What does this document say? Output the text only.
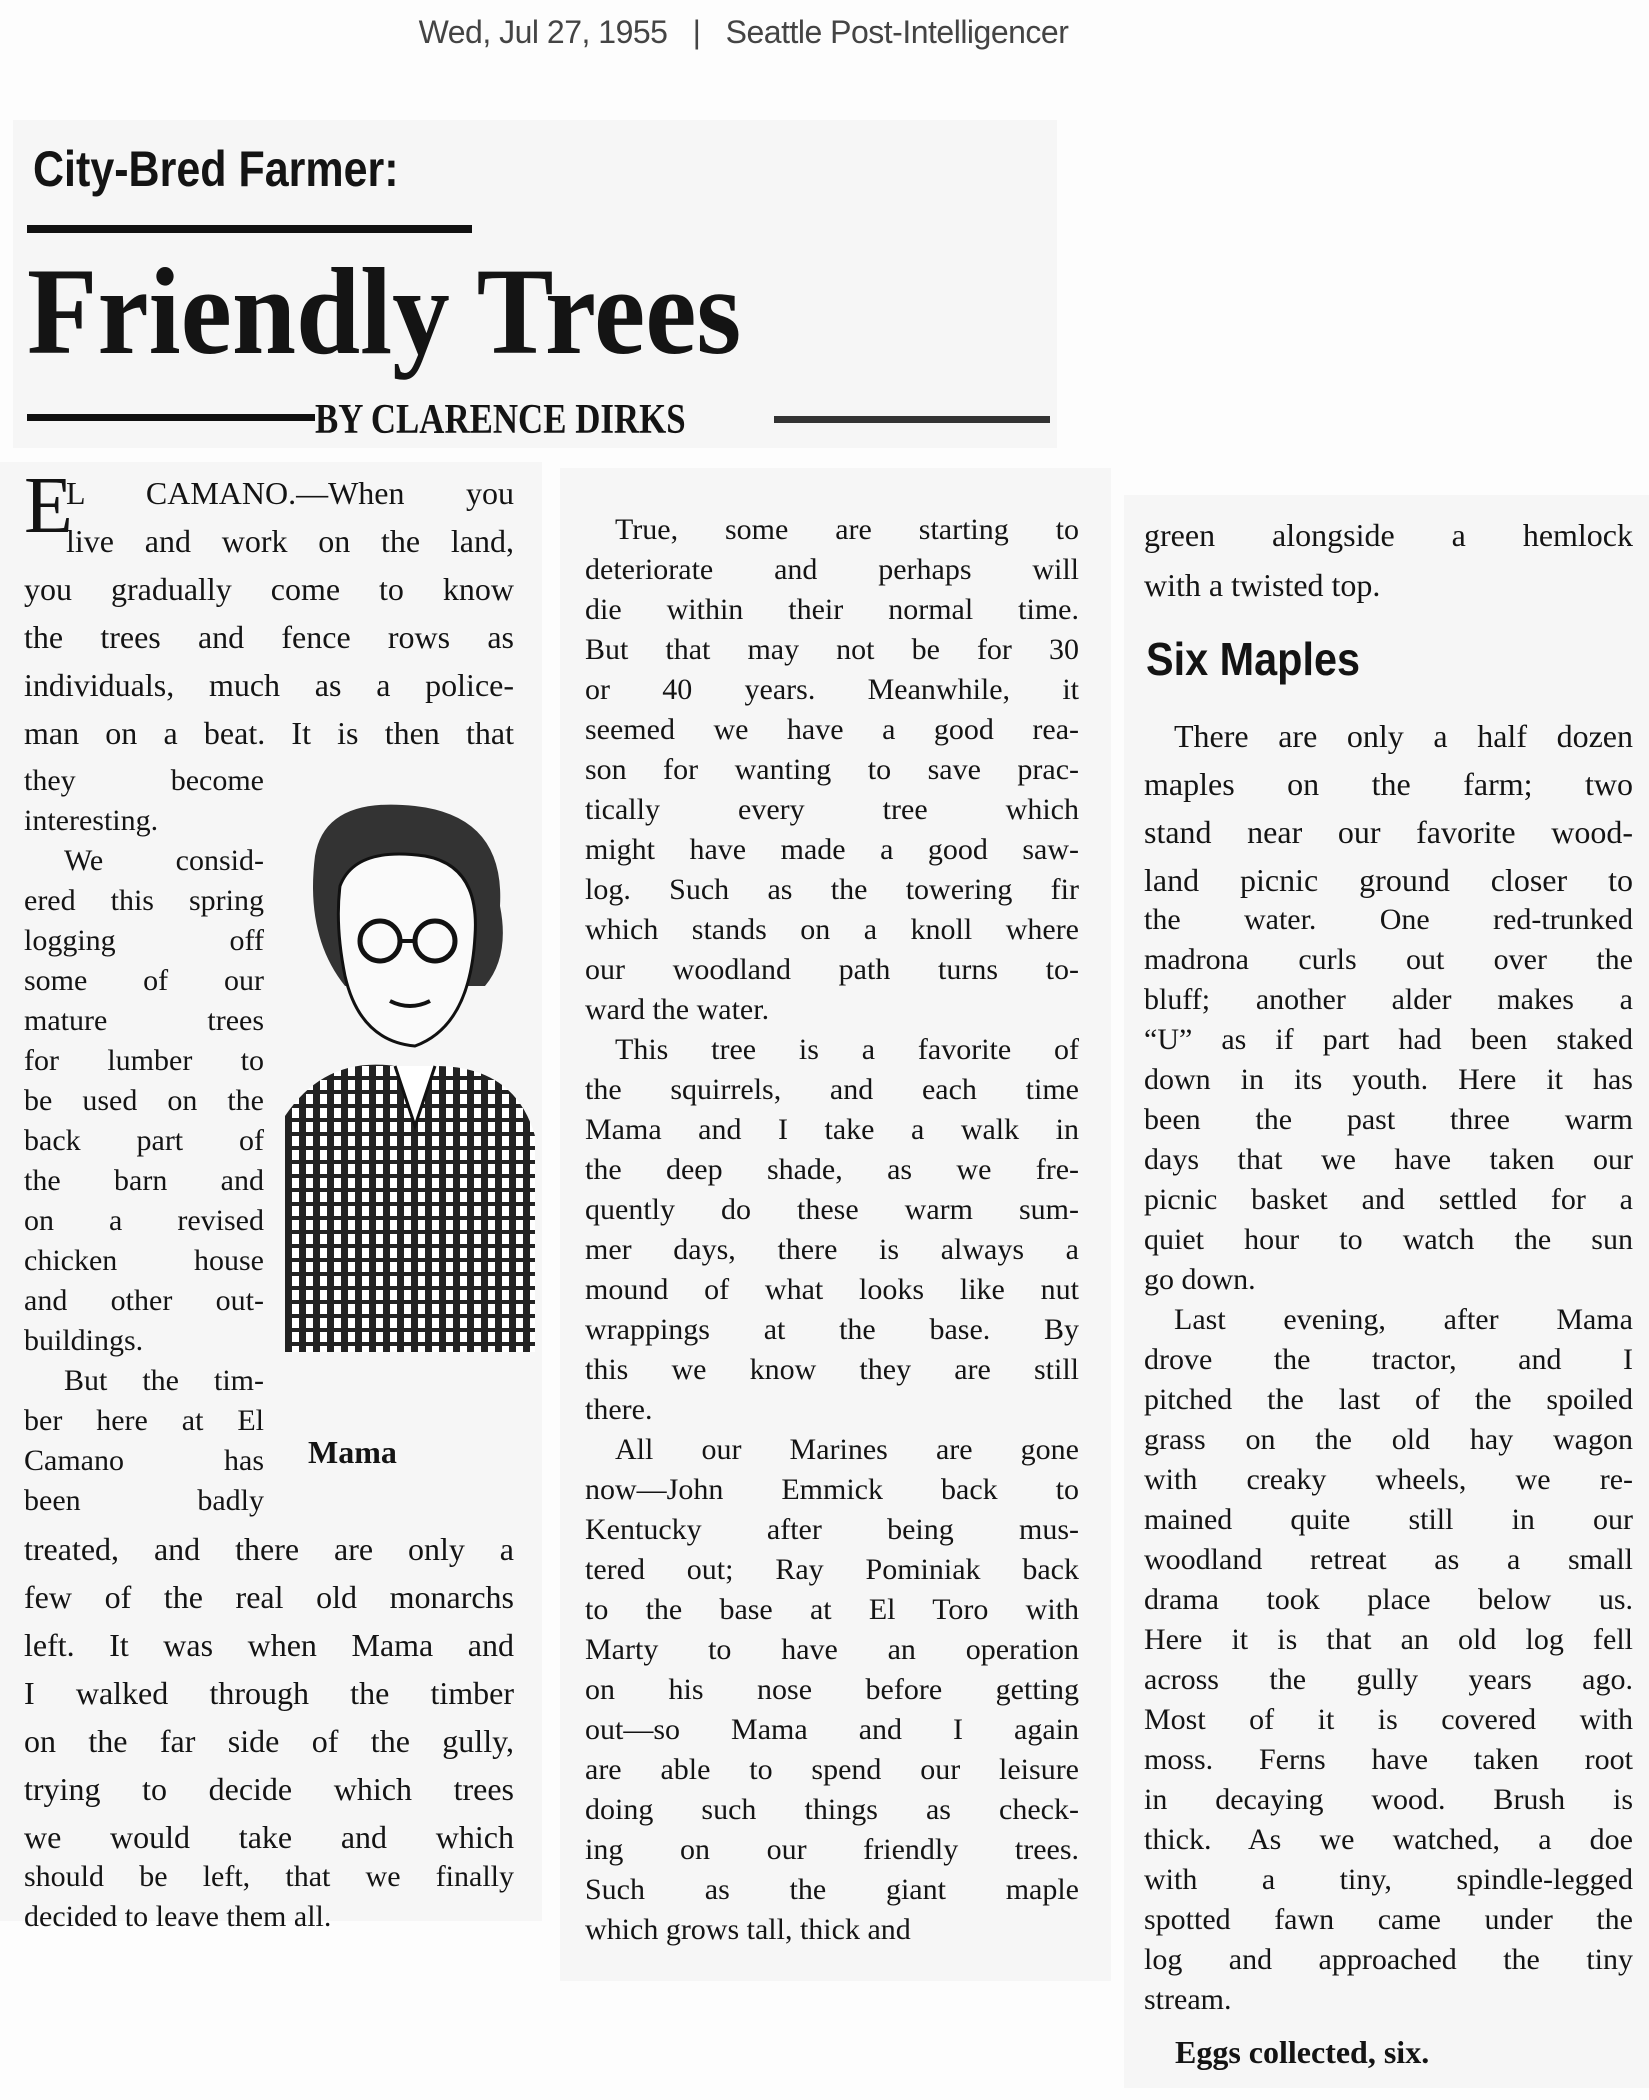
Wed, Jul 27, 1955 | Seattle Post-Intelligencer
City-Bred Farmer:
Friendly Trees
BY CLARENCE DIRKS
E
L CAMANO.—When you
live and work on the land,
you gradually come to know
the trees and fence rows as
individuals, much as a police-
man on a beat. It is then that
they become
interesting.
We consid-
ered this spring
logging off
some of our
mature trees
for lumber to
be used on the
back part of
the barn and
on a revised
chicken house
and other out-
buildings.
But the tim-
ber here at El
Camano has
been badly
treated, and there are only a
few of the real old monarchs
left. It was when Mama and
I walked through the timber
on the far side of the gully,
trying to decide which trees
we would take and which
should be left, that we finally
decided to leave them all.
True, some are starting to
deteriorate and perhaps will
die within their normal time.
But that may not be for 30
or 40 years. Meanwhile, it
seemed we have a good rea-
son for wanting to save prac-
tically every tree which
might have made a good saw-
log. Such as the towering fir
which stands on a knoll where
our woodland path turns to-
ward the water.
This tree is a favorite of
the squirrels, and each time
Mama and I take a walk in
the deep shade, as we fre-
quently do these warm sum-
mer days, there is always a
mound of what looks like nut
wrappings at the base. By
this we know they are still
there.
All our Marines are gone
now—John Emmick back to
Kentucky after being mus-
tered out; Ray Pominiak back
to the base at El Toro with
Marty to have an operation
on his nose before getting
out—so Mama and I again
are able to spend our leisure
doing such things as check-
ing on our friendly trees.
Such as the giant maple
which grows tall, thick and
green alongside a hemlock
with a twisted top.
There are only a half dozen
maples on the farm; two
stand near our favorite wood-
land picnic ground closer to
the water. One red-trunked
madrona curls out over the
bluff; another alder makes a
“U” as if part had been staked
down in its youth. Here it has
been the past three warm
days that we have taken our
picnic basket and settled for a
quiet hour to watch the sun
go down.
Last evening, after Mama
drove the tractor, and I
pitched the last of the spoiled
grass on the old hay wagon
with creaky wheels, we re-
mained quite still in our
woodland retreat as a small
drama took place below us.
Here it is that an old log fell
across the gully years ago.
Most of it is covered with
moss. Ferns have taken root
in decaying wood. Brush is
thick. As we watched, a doe
with a tiny, spindle-legged
spotted fawn came under the
log and approached the tiny
stream.
Mama
Six Maples
Eggs collected, six.
